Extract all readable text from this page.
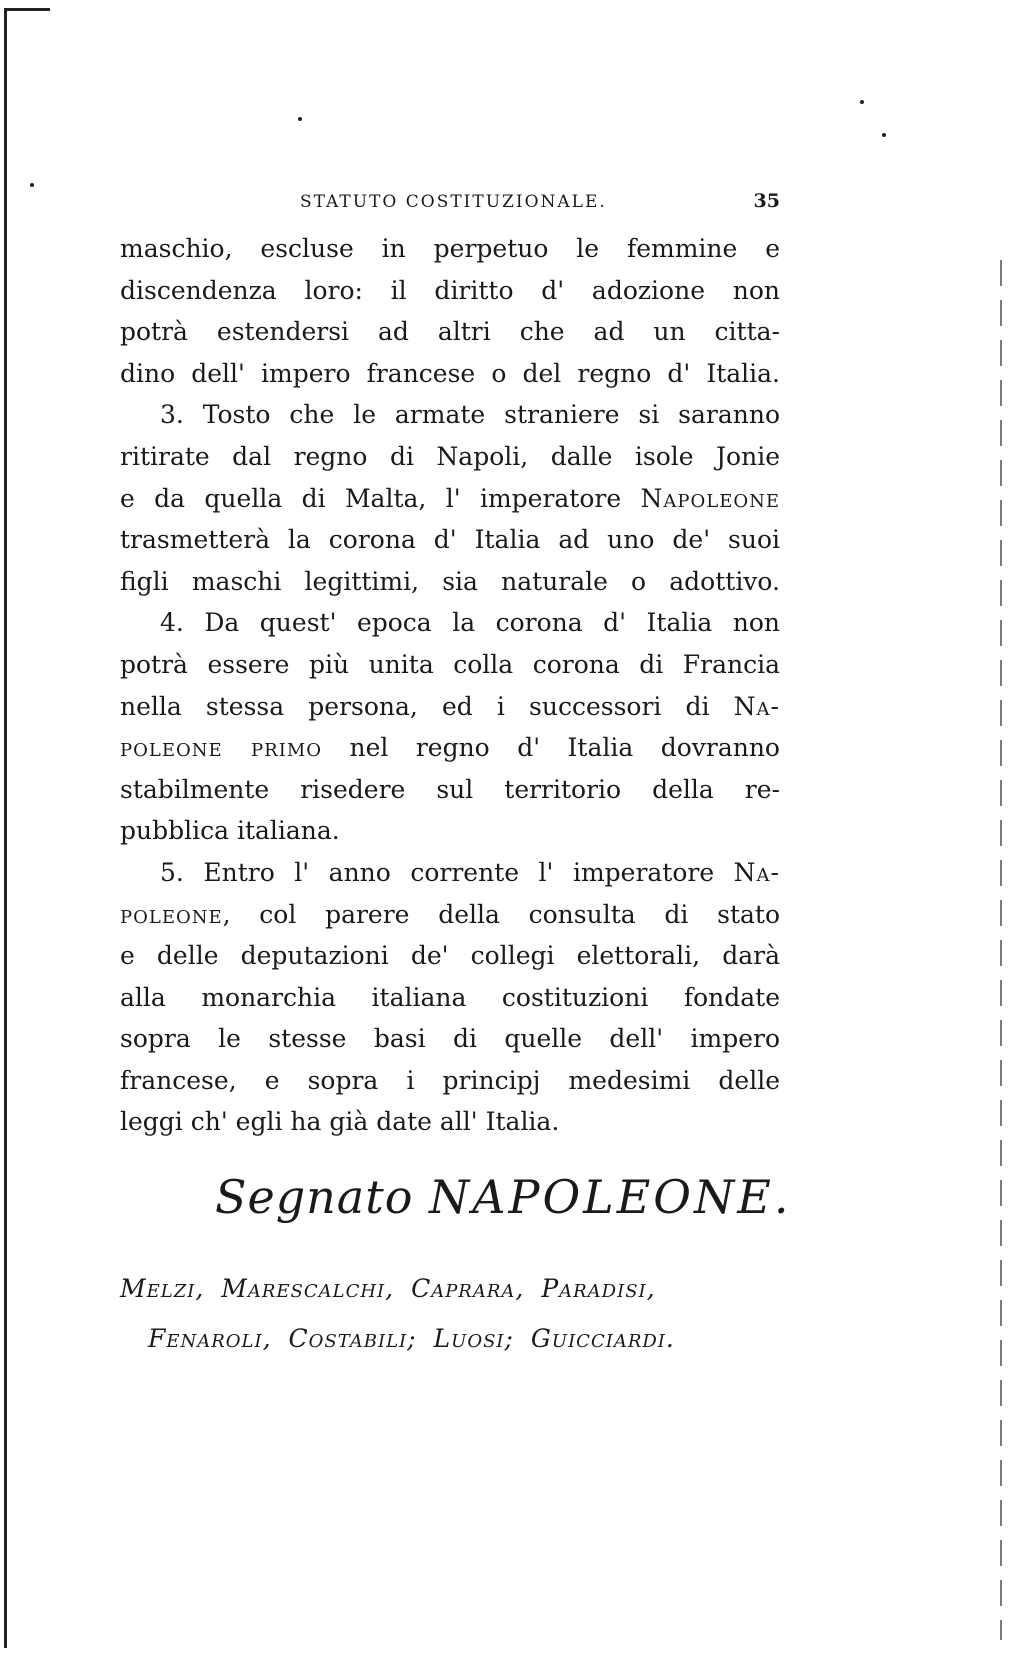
STATUTO COSTITUZIONALE.	35
maschio, escluse in perpetuo le femmine e
discendenza loro: il diritto d' adozione non
potrà estendersi ad altri che ad un citta-
dino dell' impero francese o del regno d' Italia.
3. Tosto che le armate straniere si saranno
ritirate dal regno di Napoli, dalle isole Jonie
e da quella di Malta, l' imperatore Napoleone
trasmetterà la corona d' Italia ad uno de' suoi
figli maschi legittimi, sia naturale o adottivo.
4. Da quest' epoca la corona d' Italia non
potrà essere più unita colla corona di Francia
nella stessa persona, ed i successori di Na-
poleone primo nel regno d' Italia dovranno
stabilmente risedere sul territorio della re-
pubblica italiana.
5. Entro l' anno corrente l' imperatore Na-
poleone, col parere della consulta di stato
e delle deputazioni de' collegi elettorali, darà
alla monarchia italiana costituzioni fondate
sopra le stesse basi di quelle dell' impero
francese, e sopra i principj medesimi delle
leggi ch' egli ha già date all' Italia.
Segnato NAPOLEONE.
Melzi, Marescalchi, Caprara, Paradisi,
Fenaroli, Costabili; Luosi; Guicciardi.
